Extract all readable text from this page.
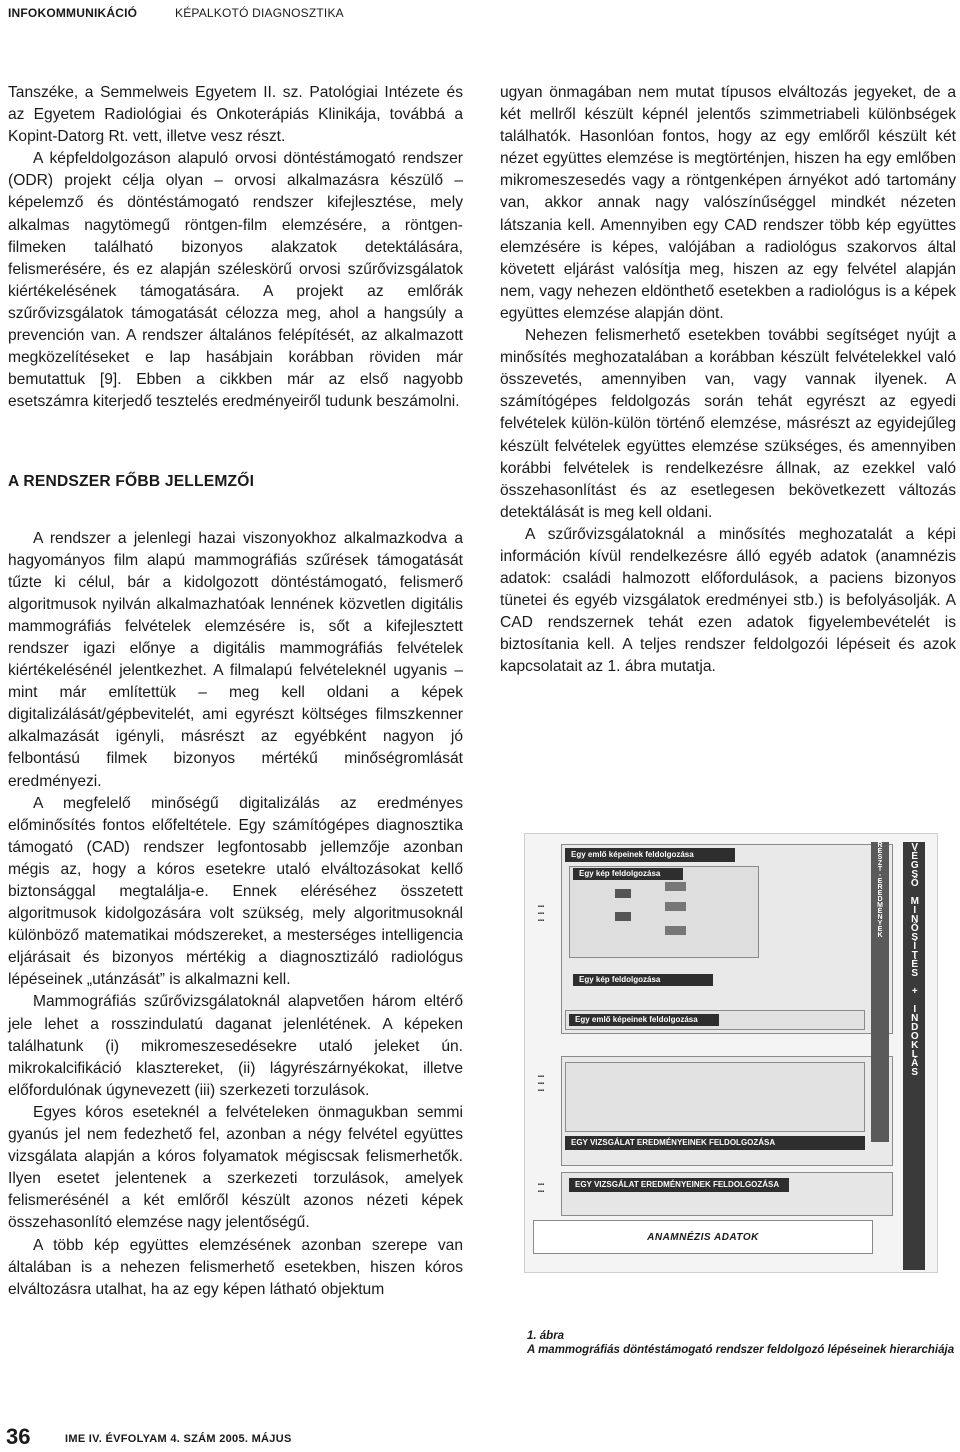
INFOKOMMUNIKÁCIÓ	KÉPALKOTÓ DIAGNOSZTIKA

Tanszéke, a Semmelweis Egyetem II. sz. Patológiai Intézete és az Egyetem Radiológiai és Onkoterápiás Klinikája, továbbá a Kopint-Datorg Rt. vett, illetve vesz részt.

A képfeldolgozáson alapuló orvosi döntéstámogató rendszer (ODR) projekt célja olyan – orvosi alkalmazásra készülő – képelemző és döntéstámogató rendszer kifejlesztése, mely alkalmas nagytömegű röntgen-film elemzésére, a röntgen-filmeken található bizonyos alakzatok detektálására, felismerésére, és ez alapján széleskörű orvosi szűrővizsgálatok kiértékelésének támogatására. A projekt az emlőrák szűrővizsgálatok támogatását célozza meg, ahol a hangsúly a prevención van. A rendszer általános felépítését, az alkalmazott megközelítéseket e lap hasábjain korábban röviden már bemutattuk [9]. Ebben a cikkben már az első nagyobb esetszámra kiterjedő tesztelés eredményeiről tudunk beszámolni.

A RENDSZER FŐBB JELLEMZŐI

A rendszer a jelenlegi hazai viszonyokhoz alkalmazkodva a hagyományos film alapú mammográfiás szűrések támogatását tűzte ki célul, bár a kidolgozott döntéstámogató, felismerő algoritmusok nyilván alkalmazhatóak lennének közvetlen digitális mammográfiás felvételek elemzésére is, sőt a kifejlesztett rendszer igazi előnye a digitális mammográfiás felvételek kiértékelésénél jelentkezhet. A filmalapú felvételeknél ugyanis – mint már említettük – meg kell oldani a képek digitalizálását/gépbevitelét, ami egyrészt költséges filmszkenner alkalmazását igényli, másrészt az egyébként nagyon jó felbontású filmek bizonyos mértékű minőségromlását eredményezi.

A megfelelő minőségű digitalizálás az eredményes előminősítés fontos előfeltétele. Egy számítógépes diagnosztika támogató (CAD) rendszer legfontosabb jellemzője azonban mégis az, hogy a kóros esetekre utaló elváltozásokat kellő biztonsággal megtalálja-e. Ennek eléréséhez összetett algoritmusok kidolgozására volt szükség, mely algoritmusoknál különböző matematikai módszereket, a mesterséges intelligencia eljárásait és bizonyos mértékig a diagnosztizáló radiológus lépéseinek „utánzását” is alkalmazni kell.

Mammográfiás szűrővizsgálatoknál alapvetően három eltérő jele lehet a rosszindulatú daganat jelenlétének. A képeken találhatunk (i) mikromeszesedésekre utaló jeleket ún. mikrokalcifikáció klasztereket, (ii) lágyrészárnyékokat, illetve előfordulónak úgynevezett (iii) szerkezeti torzulások.

Egyes kóros eseteknél a felvételeken önmagukban semmi gyanús jel nem fedezhető fel, azonban a négy felvétel együttes vizsgálata alapján a kóros folyamatok mégiscsak felismerhetők. Ilyen esetet jelentenek a szerkezeti torzulások, amelyek felismerésénél a két emlőről készült azonos nézeti képek összehasonlító elemzése nagy jelentőségű.

A több kép együttes elemzésének azonban szerepe van általában is a nehezen felismerhető esetekben, hiszen kóros elváltozásra utalhat, ha az egy képen látható objektum

ugyan önmagában nem mutat típusos elváltozás jegyeket, de a két mellről készült képnél jelentős szimmetriabeli különbségek találhatók. Hasonlóan fontos, hogy az egy emlőről készült két nézet együttes elemzése is megtörténjen, hiszen ha egy emlőben mikromeszesedés vagy a röntgenképen árnyékot adó tartomány van, akkor annak nagy valószínűséggel mindkét nézeten látszania kell. Amennyiben egy CAD rendszer több kép együttes elemzésére is képes, valójában a radiológus szakorvos által követett eljárást valósítja meg, hiszen az egy felvétel alapján nem, vagy nehezen eldönthető esetekben a radiológus is a képek együttes elemzése alapján dönt.

Nehezen felismerhető esetekben további segítséget nyújt a minősítés meghozatalában a korábban készült felvételekkel való összevetés, amennyiben van, vagy vannak ilyenek. A számítógépes feldolgozás során tehát egyrészt az egyedi felvételek külön-külön történő elemzése, másrészt az egyidejűleg készült felvételek együttes elemzése szükséges, és amennyiben korábbi felvételek is rendelkezésre állnak, az ezekkel való összehasonlítást és az esetlegesen bekövetkezett változás detektálását is meg kell oldani.

A szűrővizsgálatoknál a minősítés meghozatalát a képi információn kívül rendelkezésre álló egyéb adatok (anamnézis adatok: családi halmozott előfordulások, a paciens bizonyos tünetei és egyéb vizsgálatok eredményei stb.) is befolyásolják. A CAD rendszernek tehát ezen adatok figyelembevételét is biztosítania kell. A teljes rendszer feldolgozói lépéseit és azok kapcsolatait az 1. ábra mutatja.

Egy emlő képeinek feldolgozása
Egy kép feldolgozása

Egy kép feldolgozása
Egy emlő képeinek feldolgozása
EGY VIZSGÁLAT EREDMÉNYEINEK FELDOLGOZÁSA
EGY VIZSGÁLAT EREDMÉNYEINEK FELDOLGOZÁSA
▪▪▪
▪▪▪
▪▪▪
▪▪▪
▪▪▪
▪▪▪
▪▪▪
▪▪▪
RÉSZT-EREDMÉNYEK	VÉGSŐ MINŐSÍTÉS + INDOKLÁS
ANAMNÉZIS ADATOK
1. ábra
A mammográfiás döntéstámogató rendszer feldolgozó lépéseinek hierarchiája
36	IME IV. ÉVFOLYAM 4. SZÁM 2005. MÁJUS
